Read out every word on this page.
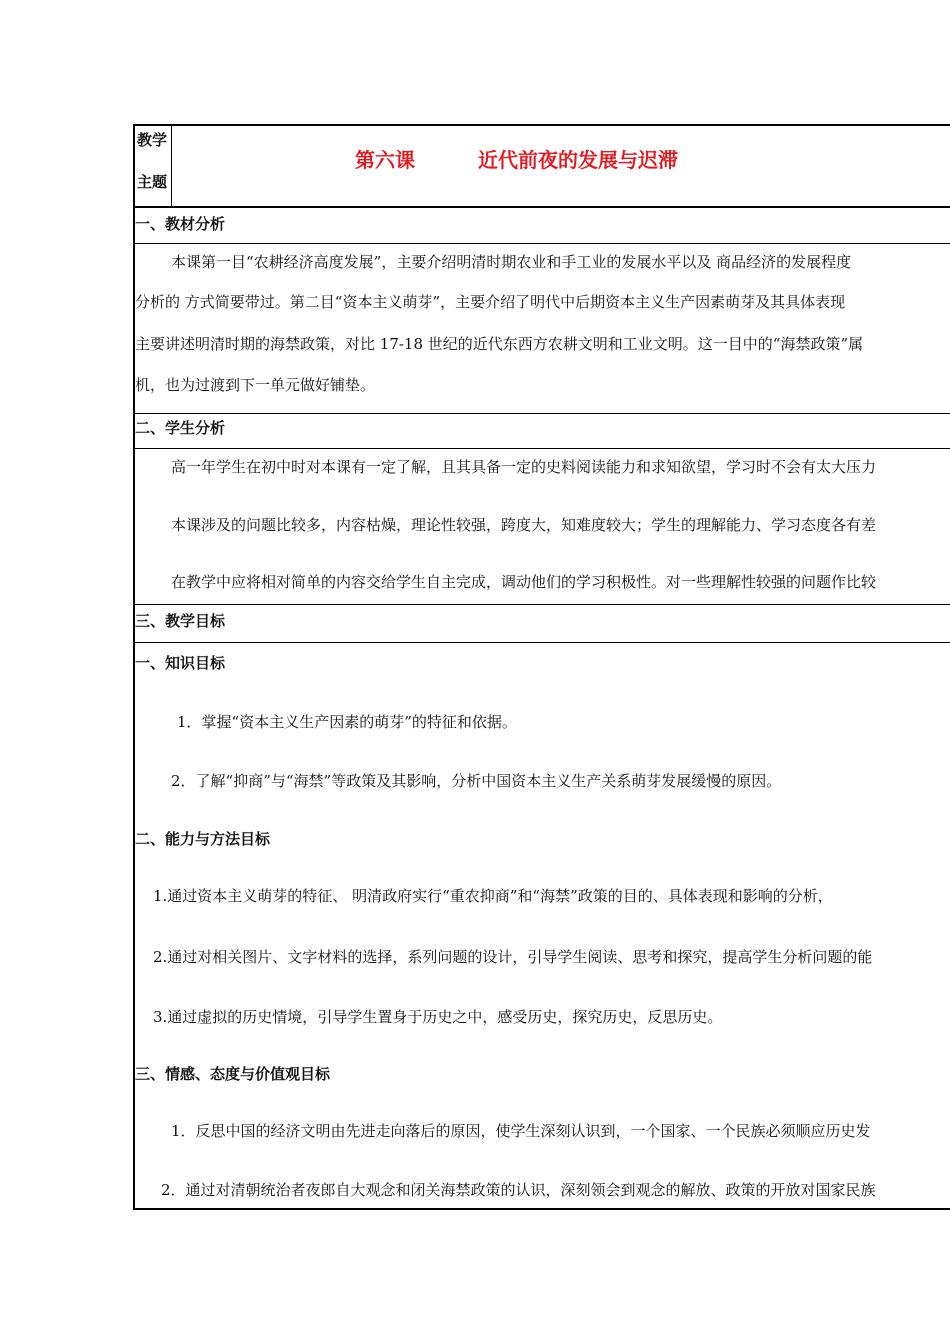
教学
主题
第六课	近代前夜的发展与迟滞
一、教材分析
本课第一目“农耕经济高度发展”，主要介绍明清时期农业和手工业的发展水平以及 商品经济的发展程度
分析的 方式简要带过。第二目“资本主义萌芽”，主要介绍了明代中后期资本主义生产因素萌芽及其具体表现
主要讲述明清时期的海禁政策，对比 17-18 世纪的近代东西方农耕文明和工业文明。这一目中的“海禁政策”属
机，也为过渡到下一单元做好铺垫。
二、学生分析
高一年学生在初中时对本课有一定了解，且其具备一定的史料阅读能力和求知欲望，学习时不会有太大压力
本课涉及的问题比较多，内容枯燥，理论性较强，跨度大，知难度较大；学生的理解能力、学习态度各有差
在教学中应将相对简单的内容交给学生自主完成，调动他们的学习积极性。对一些理解性较强的问题作比较
三、教学目标
一、知识目标
1．掌握“资本主义生产因素的萌芽”的特征和依据。
2．了解“抑商”与“海禁”等政策及其影响，分析中国资本主义生产关系萌芽发展缓慢的原因。
二、能力与方法目标
1.通过资本主义萌芽的特征、 明清政府实行“重农抑商”和“海禁”政策的目的、具体表现和影响的分析，
2.通过对相关图片、文字材料的选择，系列问题的设计，引导学生阅读、思考和探究，提高学生分析问题的能
3.通过虚拟的历史情境，引导学生置身于历史之中，感受历史，探究历史，反思历史。
三、情感、态度与价值观目标
1．反思中国的经济文明由先进走向落后的原因，使学生深刻认识到，一个国家、一个民族必须顺应历史发
2．通过对清朝统治者夜郎自大观念和闭关海禁政策的认识，深刻领会到观念的解放、政策的开放对国家民族
